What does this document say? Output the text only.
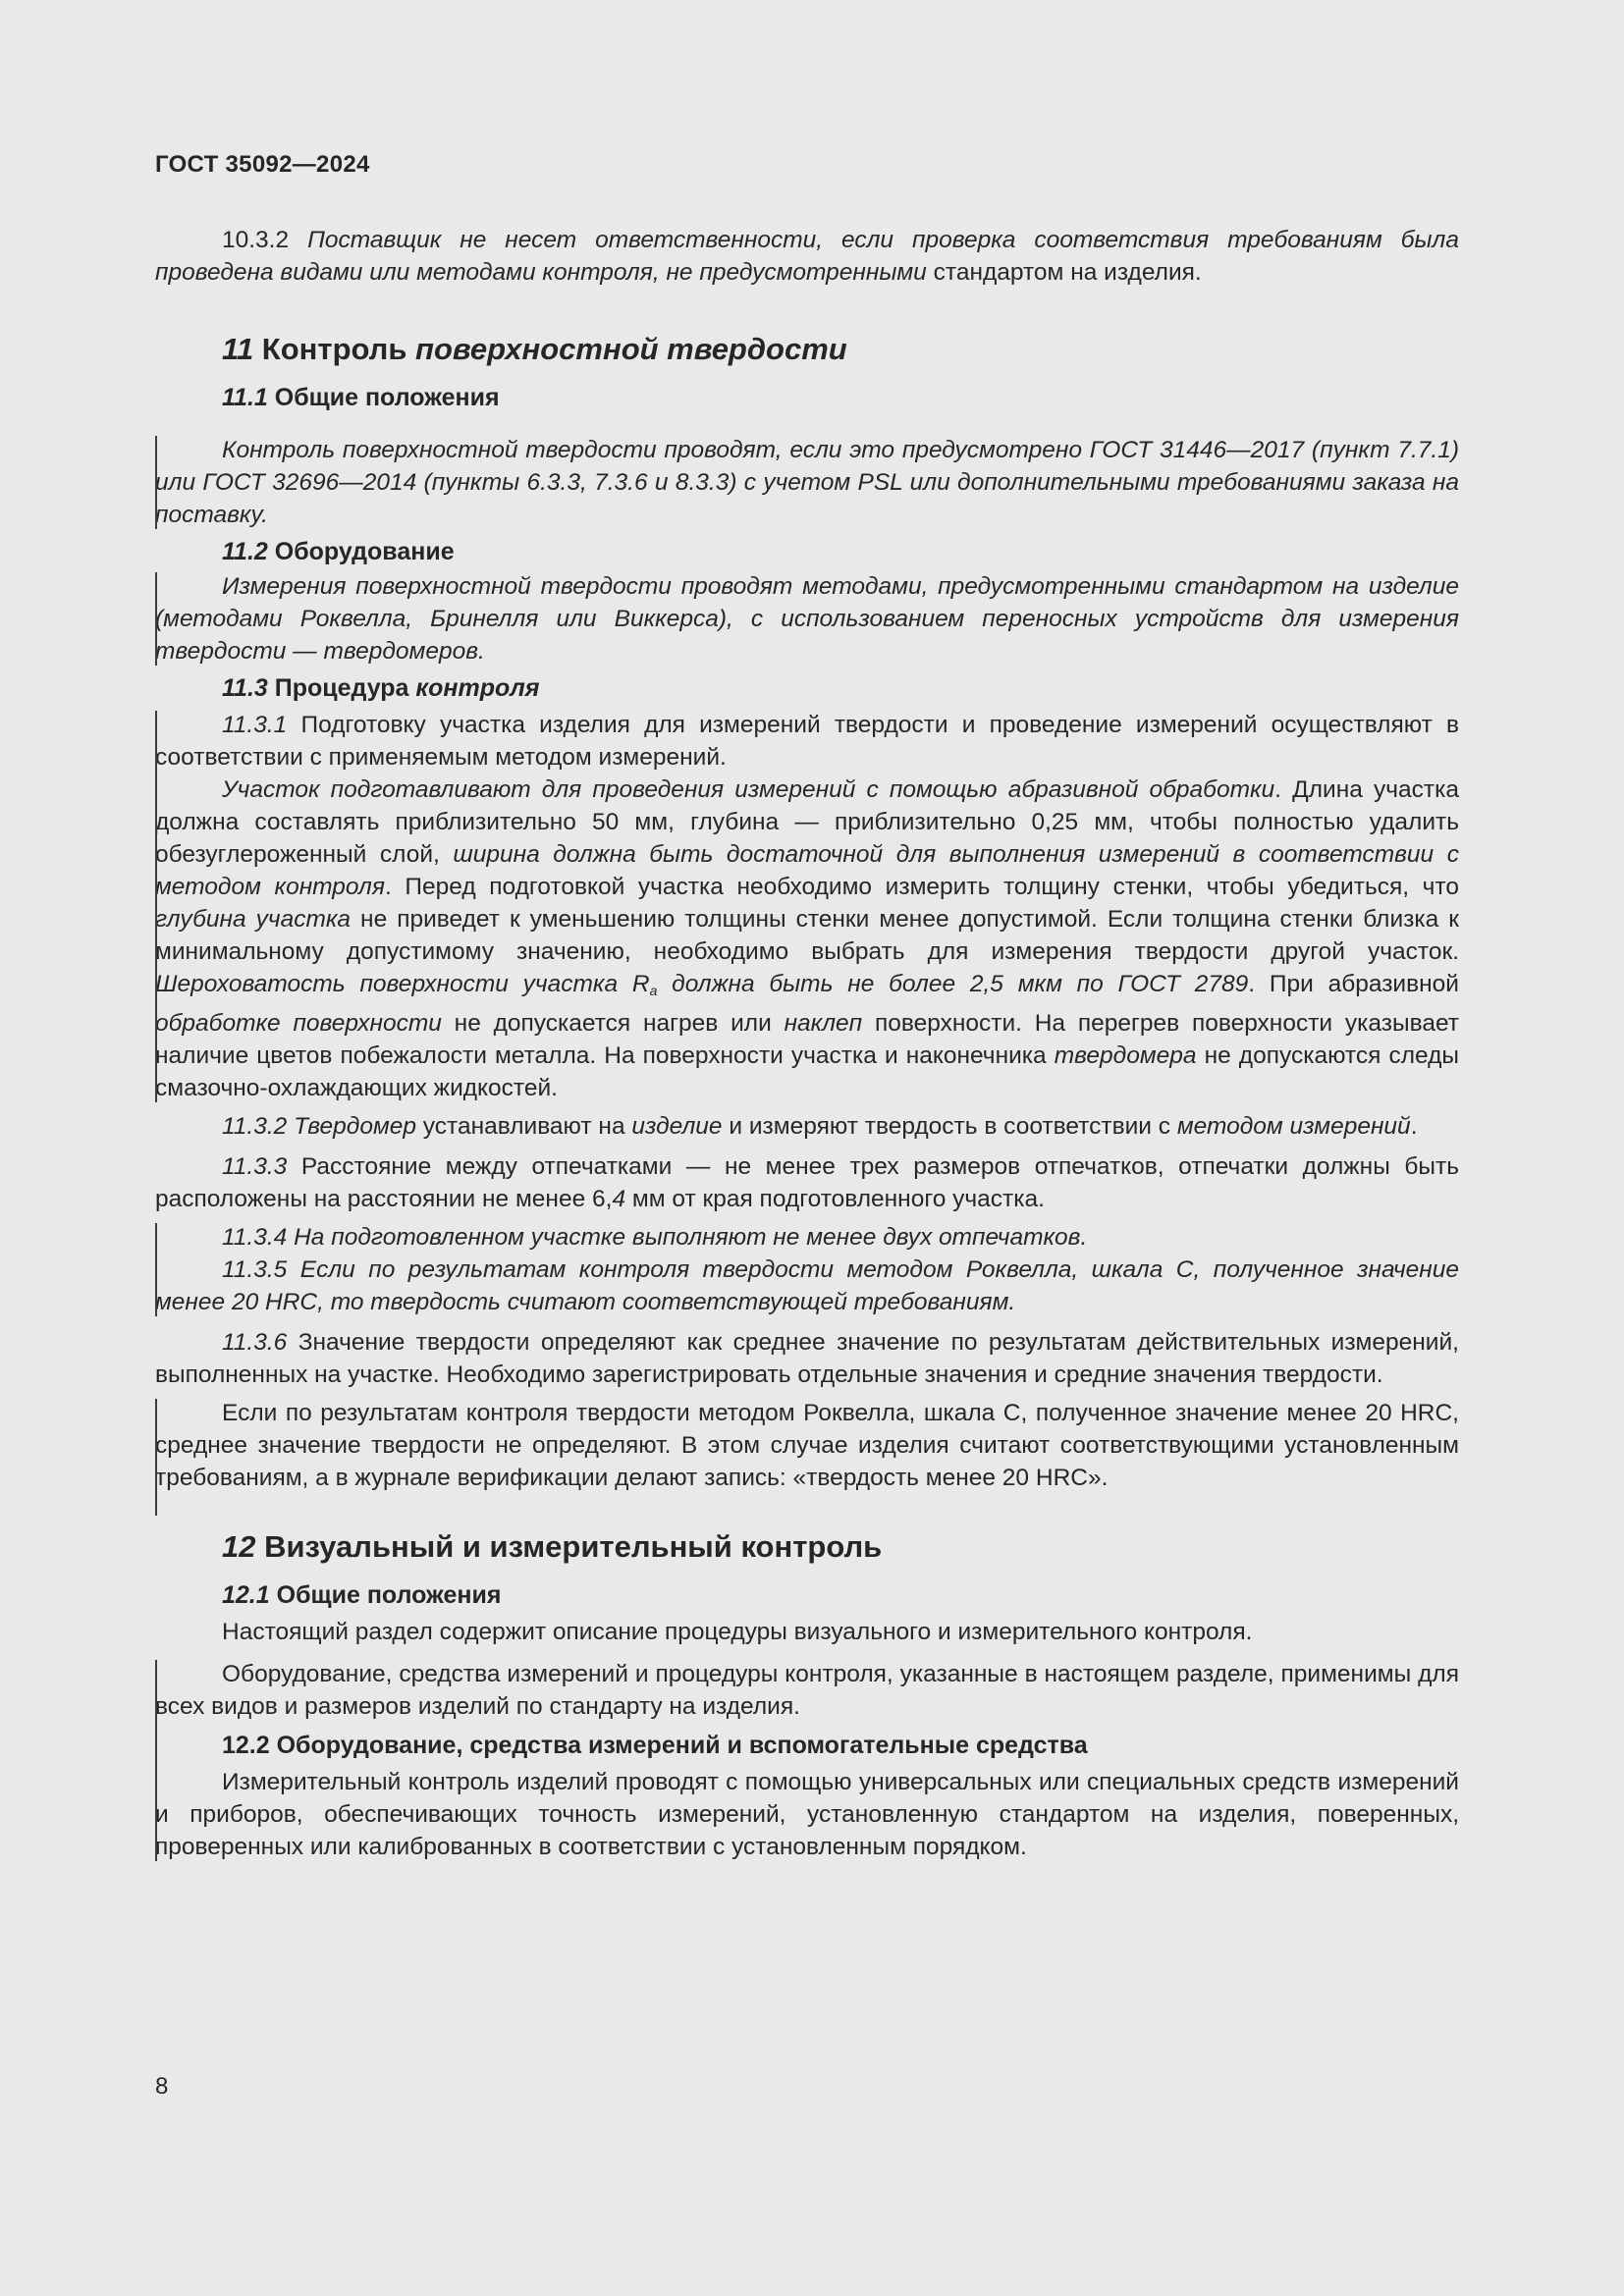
ГОСТ 35092—2024

10.3.2 Поставщик не несет ответственности, если проверка соответствия требованиям была проведена видами или методами контроля, не предусмотренными стандартом на изделия.

11 Контроль поверхностной твердости
11.1 Общие положения

Контроль поверхностной твердости проводят, если это предусмотрено ГОСТ 31446—2017 (пункт 7.7.1) или ГОСТ 32696—2014 (пункты 6.3.3, 7.3.6 и 8.3.3) с учетом PSL или дополнительными требованиями заказа на поставку.

11.2 Оборудование

Измерения поверхностной твердости проводят методами, предусмотренными стандартом на изделие (методами Роквелла, Бринелля или Виккерса), с использованием переносных устройств для измерения твердости — твердомеров.

11.3 Процедура контроля

11.3.1 Подготовку участка изделия для измерений твердости и проведение измерений осуществляют в соответствии с применяемым методом измерений.

Участок подготавливают для проведения измерений с помощью абразивной обработки. Длина участка должна составлять приблизительно 50 мм, глубина — приблизительно 0,25 мм, чтобы полностью удалить обезуглероженный слой, ширина должна быть достаточной для выполнения измерений в соответствии с методом контроля. Перед подготовкой участка необходимо измерить толщину стенки, чтобы убедиться, что глубина участка не приведет к уменьшению толщины стенки менее допустимой. Если толщина стенки близка к минимальному допустимому значению, необходимо выбрать для измерения твердости другой участок. Шероховатость поверхности участка $R_a$ должна быть не более 2,5 мкм по ГОСТ 2789. При абразивной обработке поверхности не допускается нагрев или наклеп поверхности. На перегрев поверхности указывает наличие цветов побежалости металла. На поверхности участка и наконечника твердомера не допускаются следы смазочно-охлаждающих жидкостей.

11.3.2 Твердомер устанавливают на изделие и измеряют твердость в соответствии с методом измерений.

11.3.3 Расстояние между отпечатками — не менее трех размеров отпечатков, отпечатки должны быть расположены на расстоянии не менее 6,4 мм от края подготовленного участка.

11.3.4 На подготовленном участке выполняют не менее двух отпечатков.

11.3.5 Если по результатам контроля твердости методом Роквелла, шкала С, полученное значение менее 20 HRC, то твердость считают соответствующей требованиям.

11.3.6 Значение твердости определяют как среднее значение по результатам действительных измерений, выполненных на участке. Необходимо зарегистрировать отдельные значения и средние значения твердости.

Если по результатам контроля твердости методом Роквелла, шкала С, полученное значение менее 20 HRC, среднее значение твердости не определяют. В этом случае изделия считают соответствующими установленным требованиям, а в журнале верификации делают запись: «твердость менее 20 HRC».

12 Визуальный и измерительный контроль
12.1 Общие положения

Настоящий раздел содержит описание процедуры визуального и измерительного контроля.

Оборудование, средства измерений и процедуры контроля, указанные в настоящем разделе, применимы для всех видов и размеров изделий по стандарту на изделия.

12.2 Оборудование, средства измерений и вспомогательные средства

Измерительный контроль изделий проводят с помощью универсальных или специальных средств измерений и приборов, обеспечивающих точность измерений, установленную стандартом на изделия, поверенных, проверенных или калиброванных в соответствии с установленным порядком.

8
